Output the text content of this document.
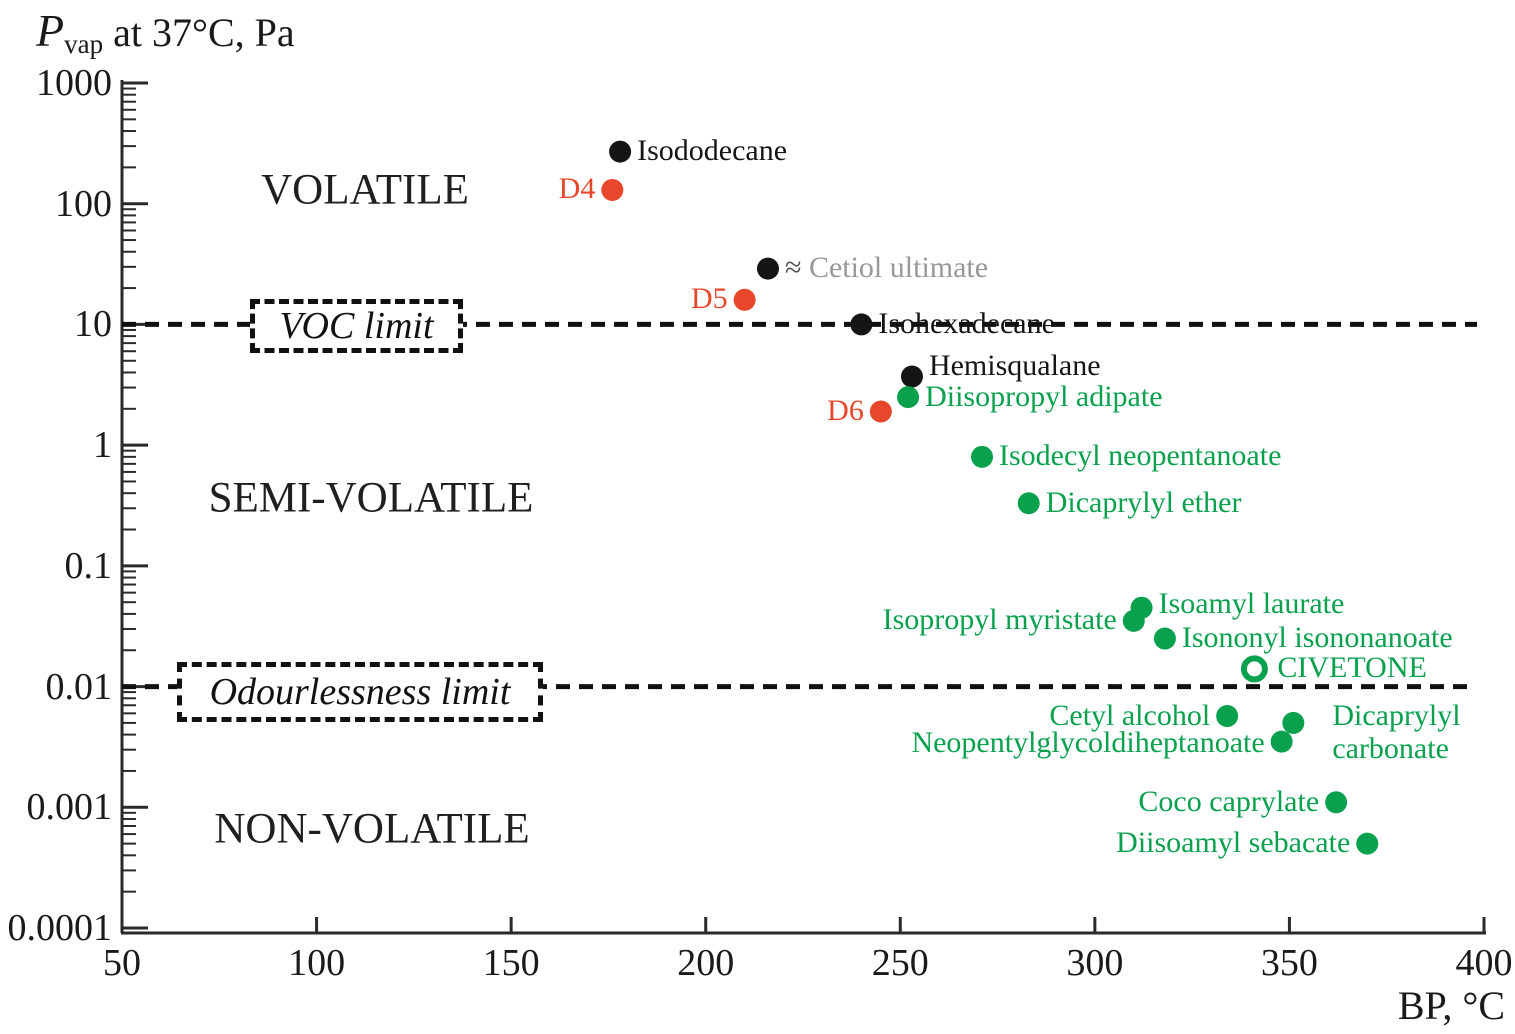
$P_{vap}$ at 37°C, Pa
VOLATILE
SEMI-VOLATILE
NON-VOLATILE
VOC limit
Odourlessness limit
BP, °C
Isododecane
D4
≈ Cetiol ultimate
D5
Isohexadecane
Hemisqualane
Diisopropyl adipate
D6
Isodecyl neopentanoate
Dicaprylyl ether
Isoamyl laurate
Isopropyl myristate
Isononyl isononanoate
CIVETONE
Cetyl alcohol	Dicaprylyl
carbonate
Neopentylglycoldiheptanoate
Coco caprylate
Diisoamyl sebacate
1000
100
10
1
0.1
0.01
0.001
0.0001
50	100	150	200	250	300	350	400
